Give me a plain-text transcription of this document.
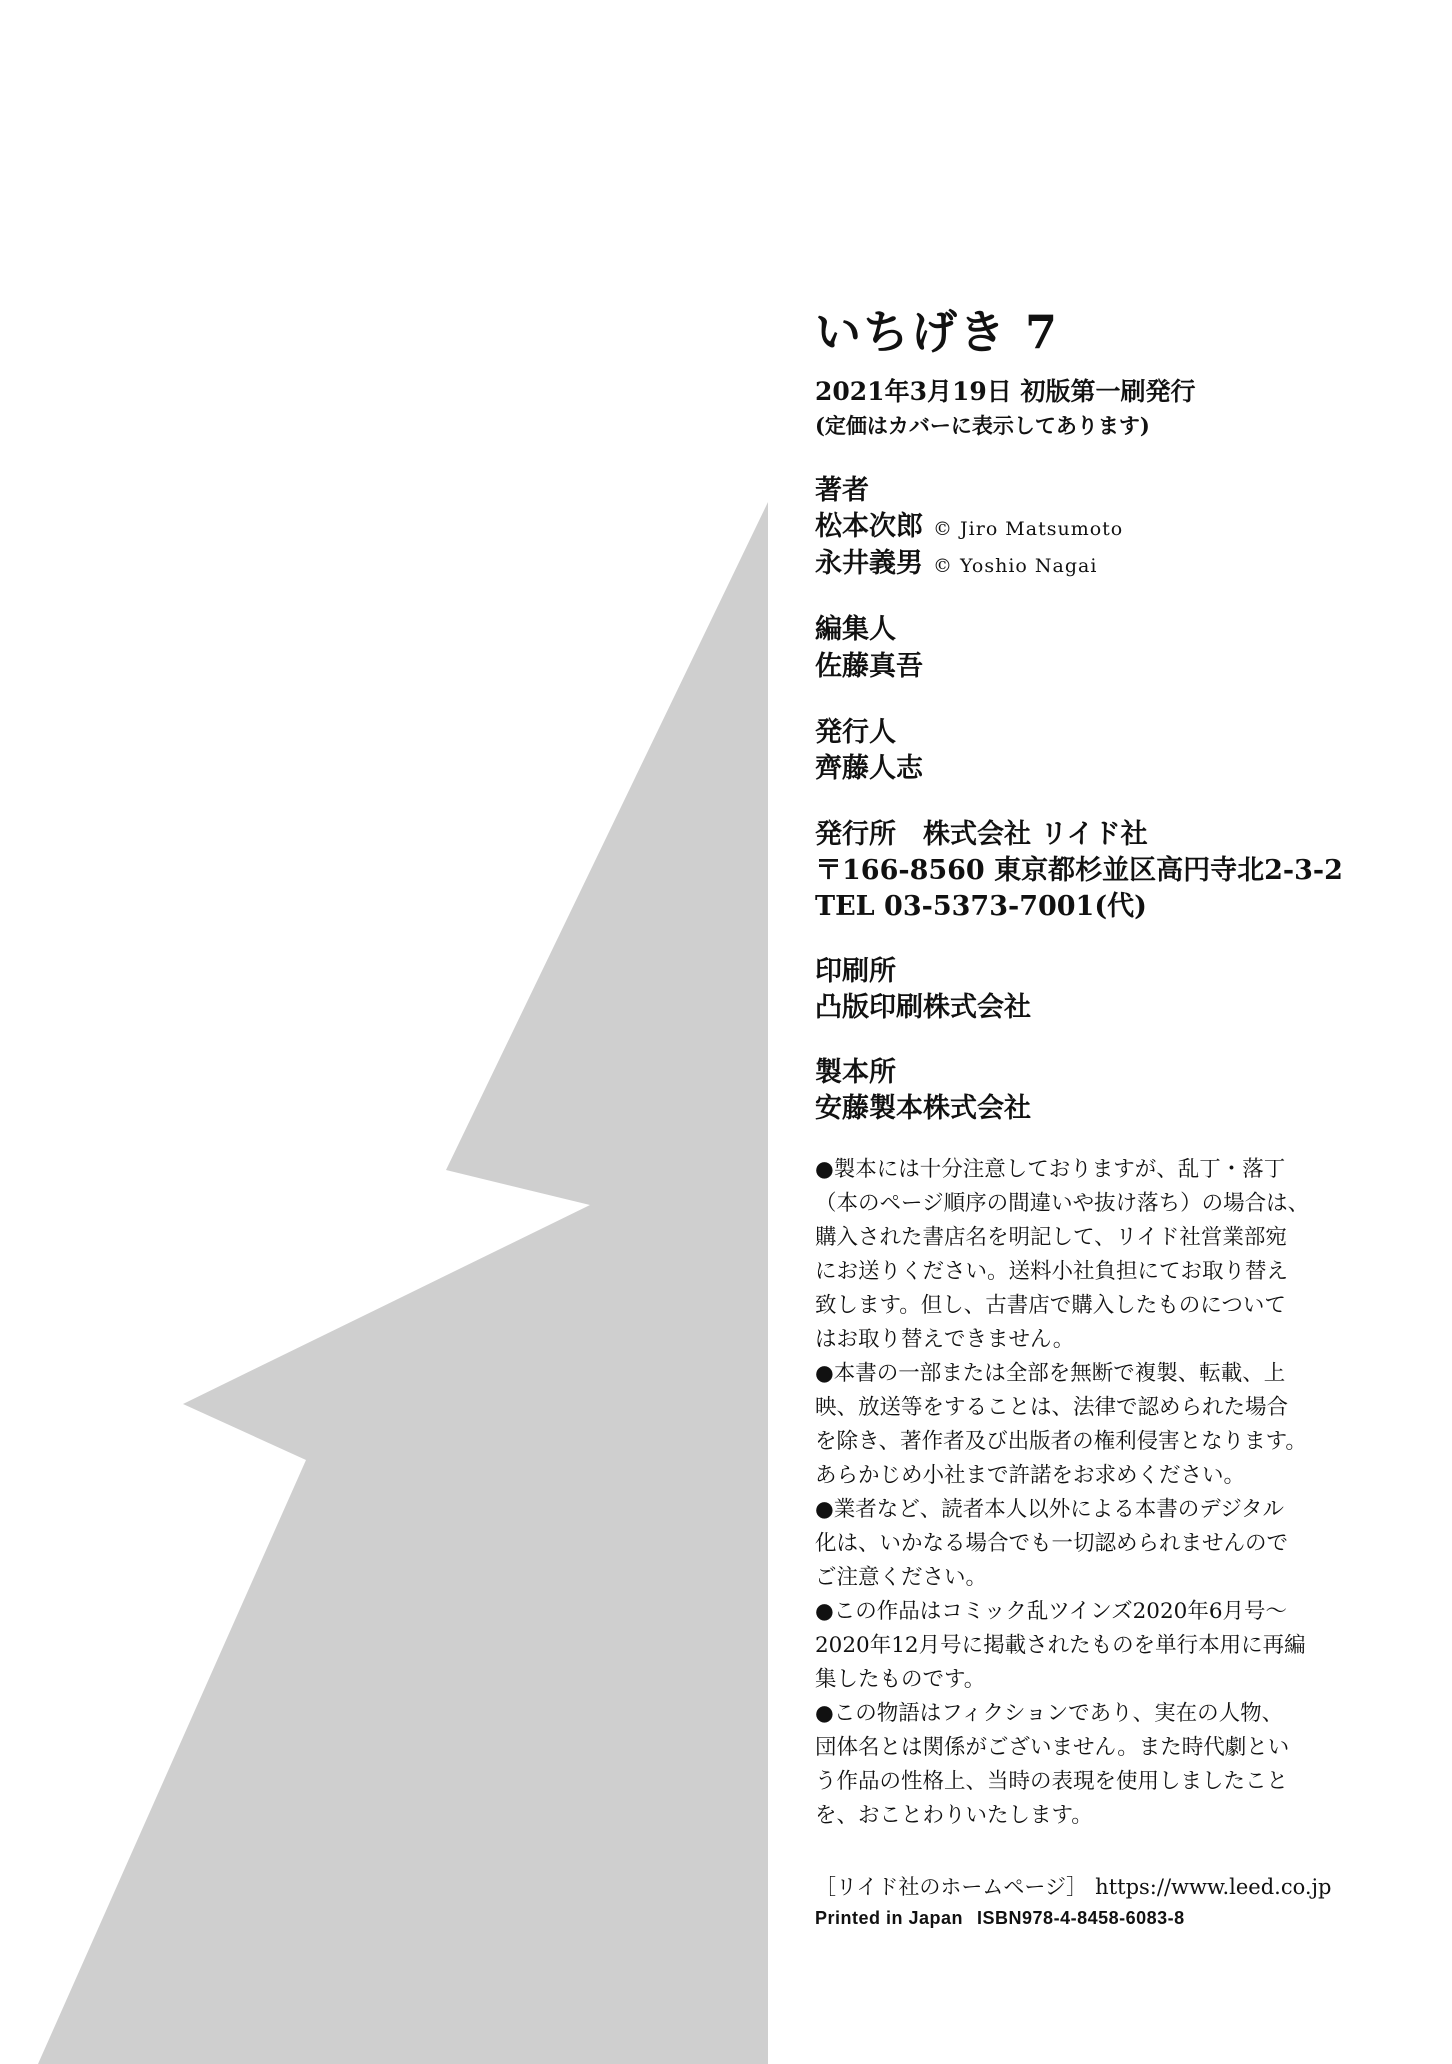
いちげき 7
2021年3月19日 初版第一刷発行
(定価はカバーに表示してあります)
著者
松本次郎 © Jiro Matsumoto
永井義男 © Yoshio Nagai
編集人
佐藤真吾
発行人
齊藤人志
発行所　株式会社 リイド社
〒166-8560 東京都杉並区高円寺北2-3-2
TEL 03-5373-7001(代)
印刷所
凸版印刷株式会社
製本所
安藤製本株式会社

●製本には十分注意しておりますが、乱丁・落丁
（本のページ順序の間違いや抜け落ち）の場合は、
購入された書店名を明記して、リイド社営業部宛
にお送りください。送料小社負担にてお取り替え
致します。但し、古書店で購入したものについて
はお取り替えできません。

●本書の一部または全部を無断で複製、転載、上
映、放送等をすることは、法律で認められた場合
を除き、著作者及び出版者の権利侵害となります。
あらかじめ小社まで許諾をお求めください。

●業者など、読者本人以外による本書のデジタル
化は、いかなる場合でも一切認められませんので
ご注意ください。

●この作品はコミック乱ツインズ2020年6月号～
2020年12月号に掲載されたものを単行本用に再編
集したものです。

●この物語はフィクションであり、実在の人物、
団体名とは関係がございません。また時代劇とい
う作品の性格上、当時の表現を使用しましたこと
を、おことわりいたします。

［リイド社のホームページ］ https://www.leed.co.jp
Printed in Japan ISBN978-4-8458-6083-8
